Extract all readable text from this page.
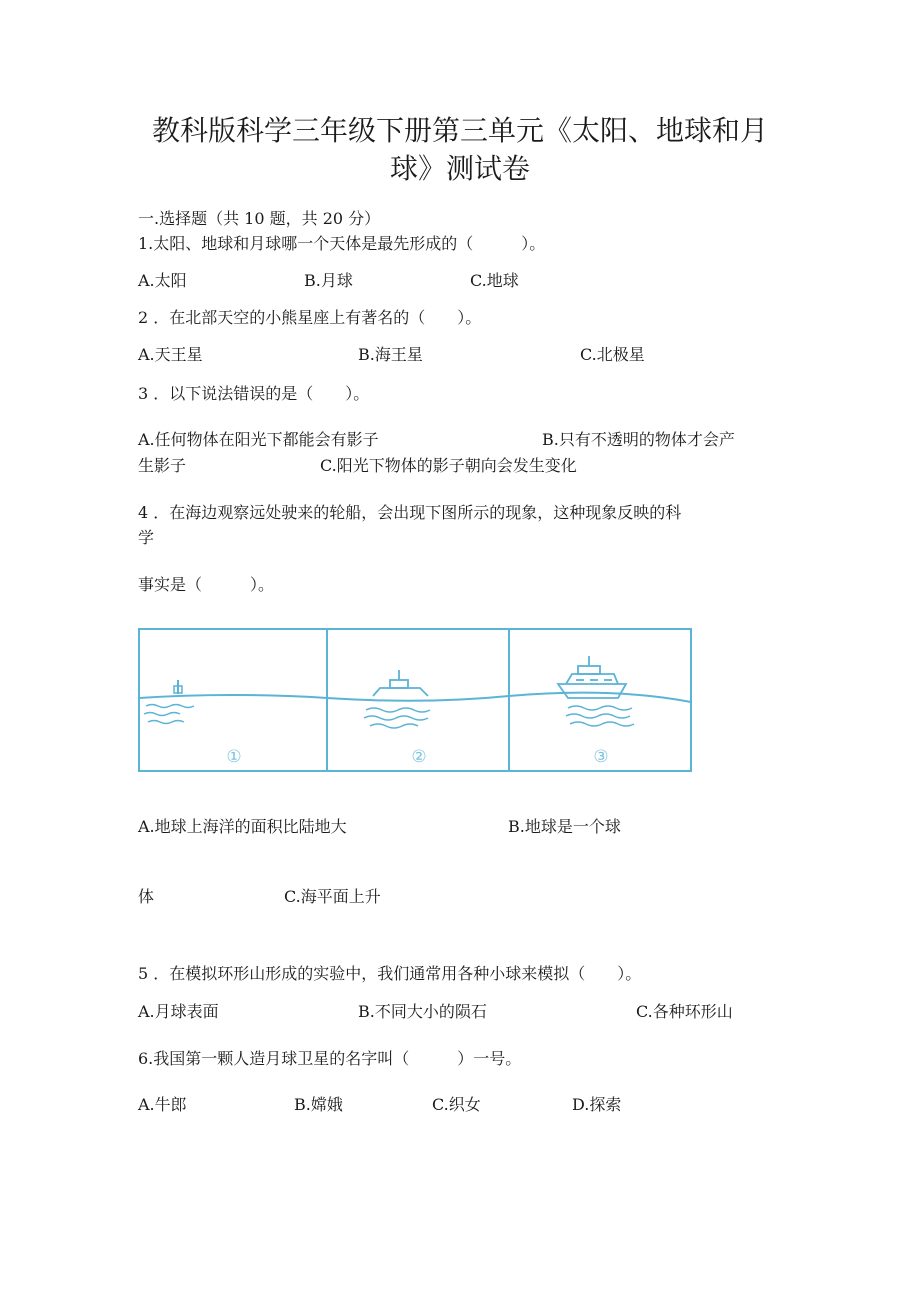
教科版科学三年级下册第三单元《太阳、地球和月
球》测试卷
一.选择题（共 10 题，共 20 分）
1.太阳、地球和月球哪一个天体是最先形成的（　　　）。
A.太阳	B.月球	C.地球
2 ．在北部天空的小熊星座上有著名的（　　）。
A.天王星	B.海王星	C.北极星
3 ．以下说法错误的是（　　）。
A.任何物体在阳光下都能会有影子	B.只有不透明的物体才会产
生影子	C.阳光下物体的影子朝向会发生变化
4 ．在海边观察远处驶来的轮船，会出现下图所示的现象，这种现象反映的科
学
事实是（　　　）。
①	②	③
A.地球上海洋的面积比陆地大	B.地球是一个球
体	C.海平面上升
5 ．在模拟环形山形成的实验中，我们通常用各种小球来模拟（　　）。
A.月球表面	B.不同大小的陨石	C.各种环形山
6.我国第一颗人造月球卫星的名字叫（　　　）一号。
A.牛郎	B.嫦娥	C.织女	D.探索
